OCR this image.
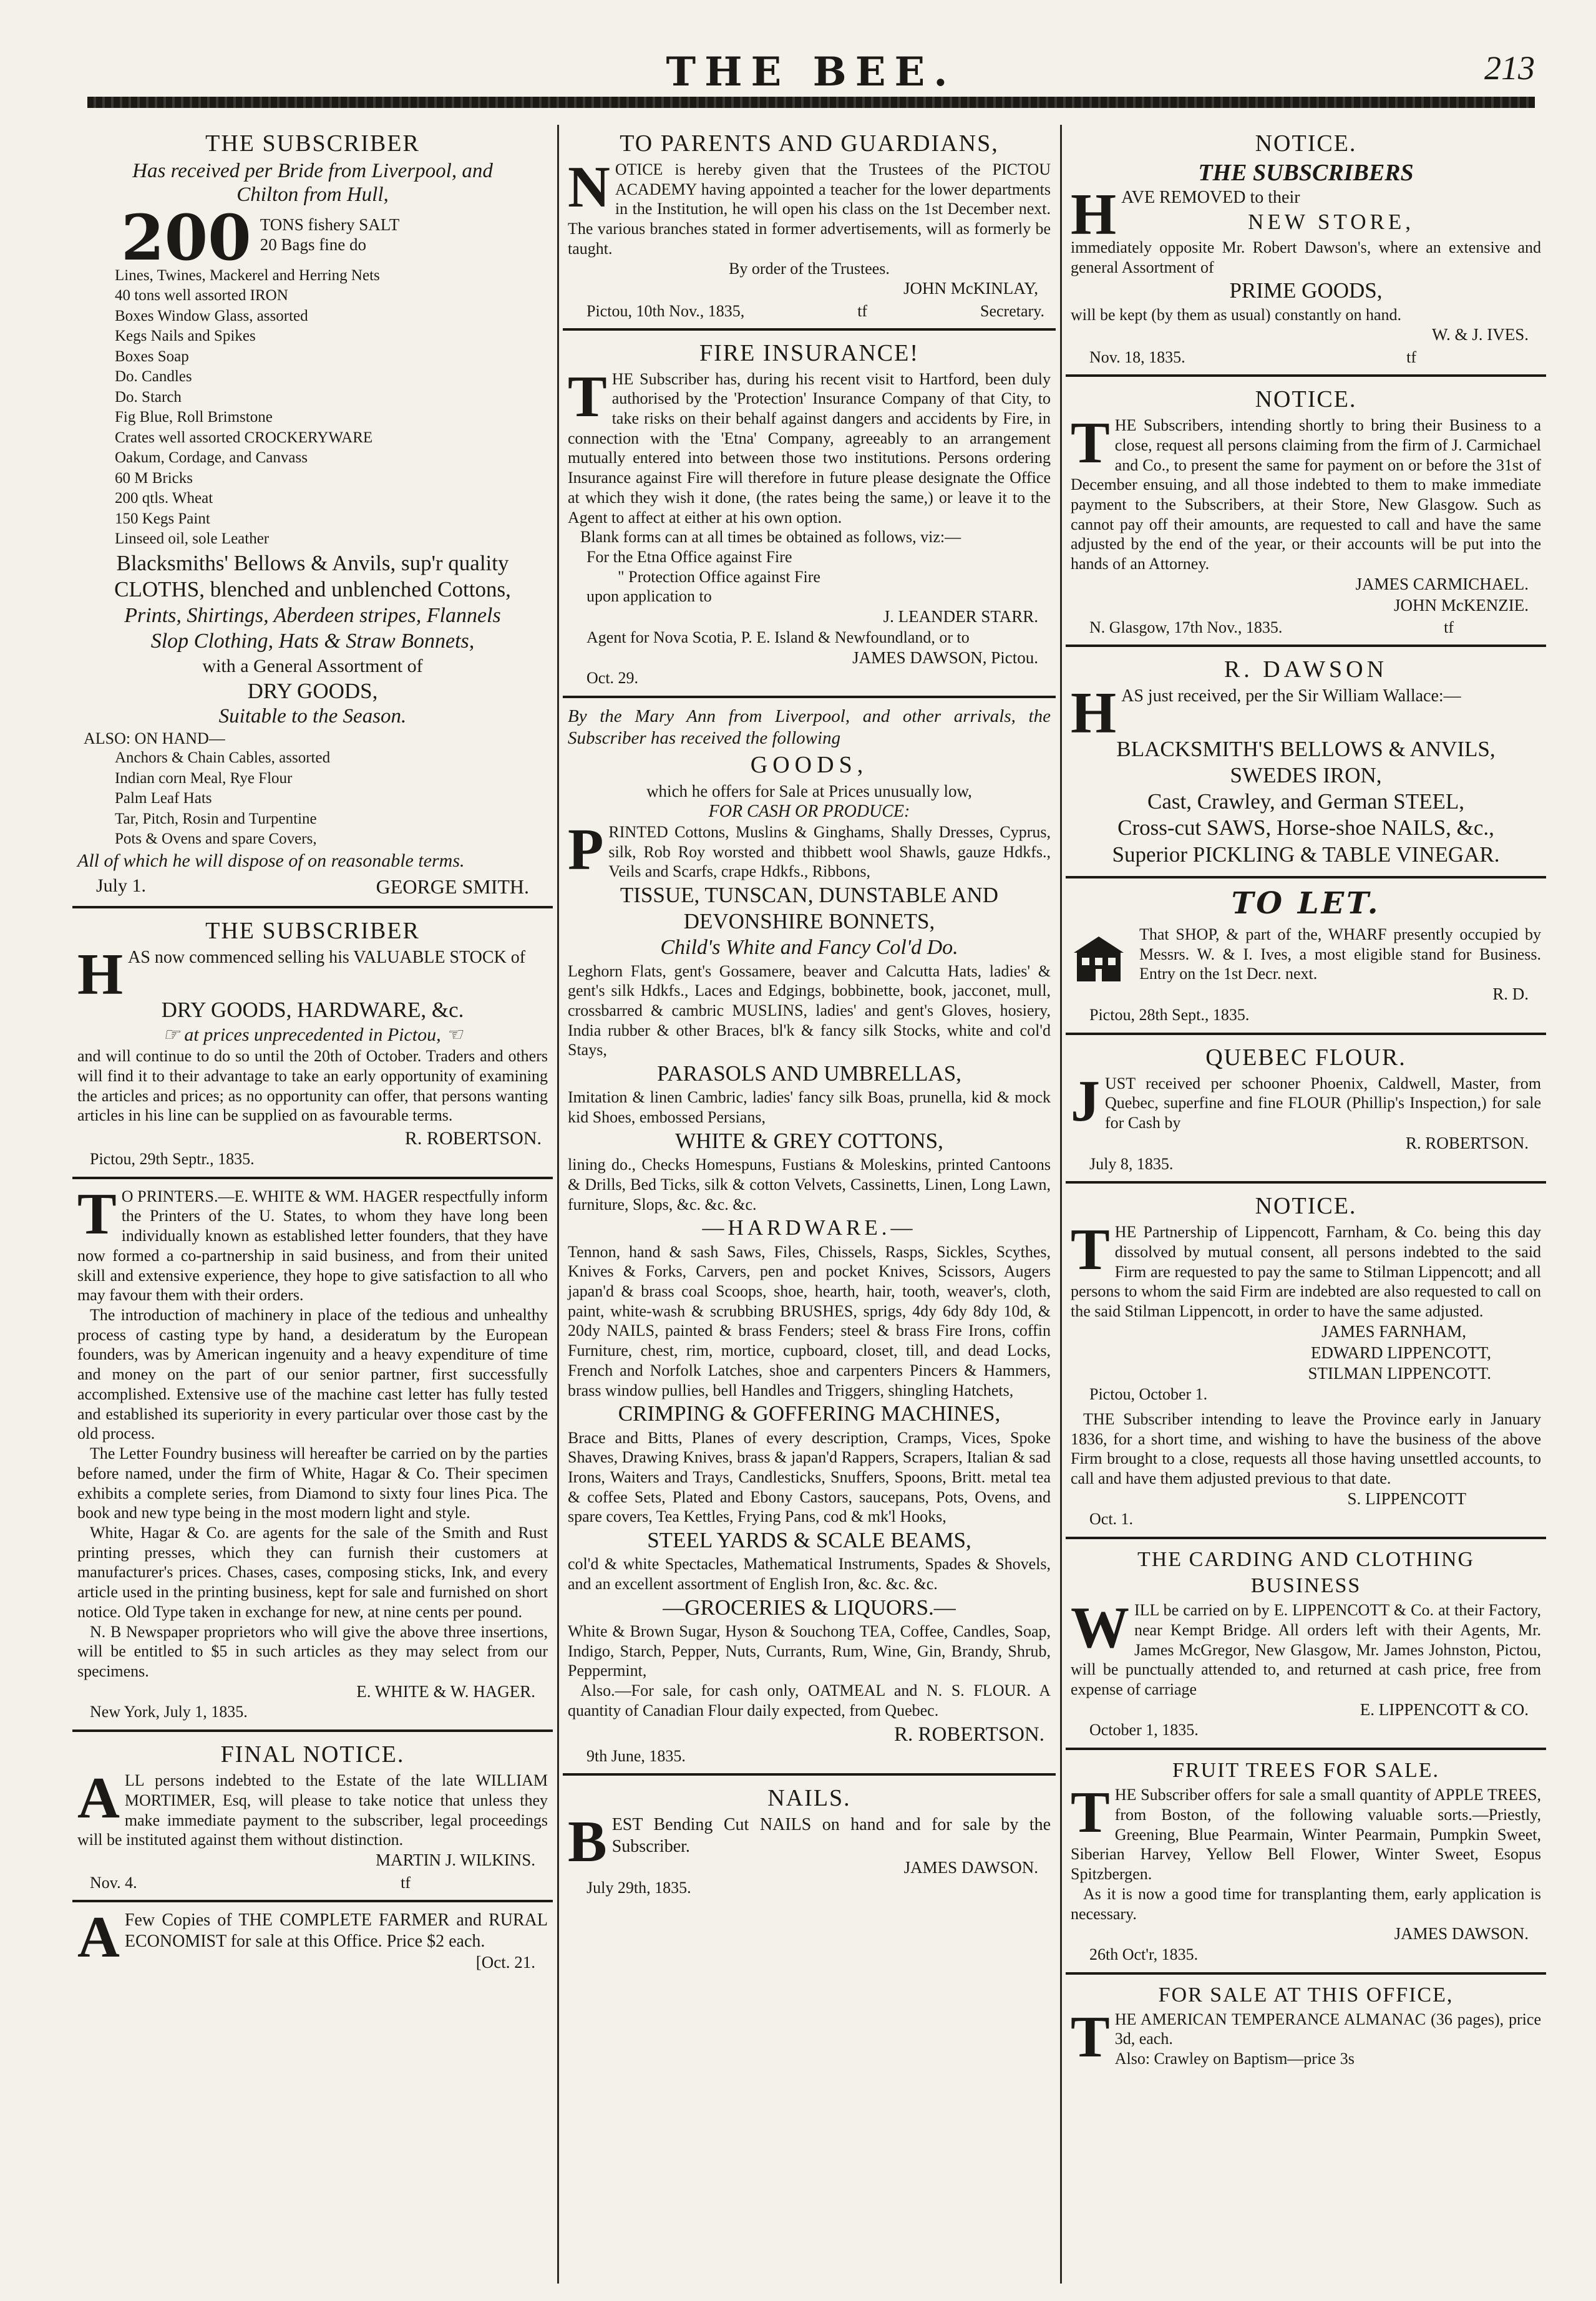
THE BEE.	213
THE SUBSCRIBER

Has received per Bride from Liverpool, and

Chilton from Hull,

200 TONS fishery SALT
20 Bags fine do

Lines, Twines, Mackerel and Herring Nets

40 tons well assorted IRON

Boxes Window Glass, assorted

Kegs Nails and Spikes

Boxes Soap

Do. Candles

Do. Starch

Fig Blue, Roll Brimstone

Crates well assorted CROCKERYWARE

Oakum, Cordage, and Canvass

60 M Bricks

200 qtls. Wheat

150 Kegs Paint

Linseed oil, sole Leather

Blacksmiths' Bellows & Anvils, sup'r quality

CLOTHS, blenched and unblenched Cottons,

Prints, Shirtings, Aberdeen stripes, Flannels

Slop Clothing, Hats & Straw Bonnets,

with a General Assortment of

DRY GOODS,

Suitable to the Season.

ALSO: ON HAND—

Anchors & Chain Cables, assorted

Indian corn Meal, Rye Flour

Palm Leaf Hats

Tar, Pitch, Rosin and Turpentine

Pots & Ovens and spare Covers,

All of which he will dispose of on reasonable terms.

July 1.	GEORGE SMITH.
THE SUBSCRIBER
H AS now commenced selling his VALUABLE STOCK of

DRY GOODS, HARDWARE, &c.

☞ at prices unprecedented in Pictou, ☜

and will continue to do so until the 20th of October. Traders and others will find it to their advantage to take an early opportunity of examining the articles and prices; as no opportunity can offer, that persons wanting articles in his line can be supplied on as favourable terms.

R. ROBERTSON.

Pictou, 29th Septr., 1835.

T O PRINTERS.—E. WHITE & WM. HAGER respectfully inform the Printers of the U. States, to whom they have long been individually known as established letter founders, that they have now formed a co-partnership in said business, and from their united skill and extensive experience, they hope to give satisfaction to all who may favour them with their orders.

The introduction of machinery in place of the tedious and unhealthy process of casting type by hand, a desideratum by the European founders, was by American ingenuity and a heavy expenditure of time and money on the part of our senior partner, first successfully accomplished. Extensive use of the machine cast letter has fully tested and established its superiority in every particular over those cast by the old process.

The Letter Foundry business will hereafter be carried on by the parties before named, under the firm of White, Hagar & Co. Their specimen exhibits a complete series, from Diamond to sixty four lines Pica. The book and new type being in the most modern light and style.

White, Hagar & Co. are agents for the sale of the Smith and Rust printing presses, which they can furnish their customers at manufacturer's prices. Chases, cases, composing sticks, Ink, and every article used in the printing business, kept for sale and furnished on short notice. Old Type taken in exchange for new, at nine cents per pound.

N. B Newspaper proprietors who will give the above three insertions, will be entitled to $5 in such articles as they may select from our specimens.

E. WHITE & W. HAGER.

New York, July 1, 1835.

FINAL NOTICE.
A LL persons indebted to the Estate of the late WILLIAM MORTIMER, Esq, will please to take notice that unless they make immediate payment to the subscriber, legal proceedings will be instituted against them without distinction.

MARTIN J. WILKINS.

Nov. 4.	tf
A Few Copies of THE COMPLETE FARMER and RURAL ECONOMIST for sale at this Office. Price $2 each.

[Oct. 21.

TO PARENTS AND GUARDIANS,
N OTICE is hereby given that the Trustees of the PICTOU ACADEMY having appointed a teacher for the lower departments in the Institution, he will open his class on the 1st December next. The various branches stated in former advertisements, will as formerly be taught.

By order of the Trustees.

JOHN McKINLAY,

Pictou, 10th Nov., 1835,	tf	Secretary.
FIRE INSURANCE!
T HE Subscriber has, during his recent visit to Hartford, been duly authorised by the 'Protection' Insurance Company of that City, to take risks on their behalf against dangers and accidents by Fire, in connection with the 'Etna' Company, agreeably to an arrangement mutually entered into between those two institutions. Persons ordering Insurance against Fire will therefore in future please designate the Office at which they wish it done, (the rates being the same,) or leave it to the Agent to affect at either at his own option.

Blank forms can at all times be obtained as follows, viz:—

For the Etna Office against Fire

" Protection Office against Fire

upon application to

J. LEANDER STARR.

Agent for Nova Scotia, P. E. Island & Newfoundland, or to

JAMES DAWSON, Pictou.

Oct. 29.

By the Mary Ann from Liverpool, and other arrivals, the Subscriber has received the following

GOODS,

which he offers for Sale at Prices unusually low,

FOR CASH OR PRODUCE:

P RINTED Cottons, Muslins & Ginghams, Shally Dresses, Cyprus, silk, Rob Roy worsted and thibbett wool Shawls, gauze Hdkfs., Veils and Scarfs, crape Hdkfs., Ribbons,

TISSUE, TUNSCAN, DUNSTABLE AND

DEVONSHIRE BONNETS,

Child's White and Fancy Col'd Do.

Leghorn Flats, gent's Gossamere, beaver and Calcutta Hats, ladies' & gent's silk Hdkfs., Laces and Edgings, bobbinette, book, jacconet, mull, crossbarred & cambric MUSLINS, ladies' and gent's Gloves, hosiery, India rubber & other Braces, bl'k & fancy silk Stocks, white and col'd Stays,

PARASOLS AND UMBRELLAS,

Imitation & linen Cambric, ladies' fancy silk Boas, prunella, kid & mock kid Shoes, embossed Persians,

WHITE & GREY COTTONS,

lining do., Checks Homespuns, Fustians & Moleskins, printed Cantoons & Drills, Bed Ticks, silk & cotton Velvets, Cassinetts, Linen, Long Lawn, furniture, Slops, &c. &c. &c.

—HARDWARE.—

Tennon, hand & sash Saws, Files, Chissels, Rasps, Sickles, Scythes, Knives & Forks, Carvers, pen and pocket Knives, Scissors, Augers japan'd & brass coal Scoops, shoe, hearth, hair, tooth, weaver's, cloth, paint, white-wash & scrubbing BRUSHES, sprigs, 4dy 6dy 8dy 10d, & 20dy NAILS, painted & brass Fenders; steel & brass Fire Irons, coffin Furniture, chest, rim, mortice, cupboard, closet, till, and dead Locks, French and Norfolk Latches, shoe and carpenters Pincers & Hammers, brass window pullies, bell Handles and Triggers, shingling Hatchets,

CRIMPING & GOFFERING MACHINES,

Brace and Bitts, Planes of every description, Cramps, Vices, Spoke Shaves, Drawing Knives, brass & japan'd Rappers, Scrapers, Italian & sad Irons, Waiters and Trays, Candlesticks, Snuffers, Spoons, Britt. metal tea & coffee Sets, Plated and Ebony Castors, saucepans, Pots, Ovens, and spare covers, Tea Kettles, Frying Pans, cod & mk'l Hooks,

STEEL YARDS & SCALE BEAMS,

col'd & white Spectacles, Mathematical Instruments, Spades & Shovels, and an excellent assortment of English Iron, &c. &c. &c.

—GROCERIES & LIQUORS.—

White & Brown Sugar, Hyson & Souchong TEA, Coffee, Candles, Soap, Indigo, Starch, Pepper, Nuts, Currants, Rum, Wine, Gin, Brandy, Shrub, Peppermint,

Also.—For sale, for cash only, OATMEAL and N. S. FLOUR. A quantity of Canadian Flour daily expected, from Quebec.

R. ROBERTSON.

9th June, 1835.

NAILS.
B EST Bending Cut NAILS on hand and for sale by the Subscriber.

JAMES DAWSON.

July 29th, 1835.

NOTICE.

THE SUBSCRIBERS

H AVE REMOVED to their

NEW STORE,

immediately opposite Mr. Robert Dawson's, where an extensive and general Assortment of

PRIME GOODS,

will be kept (by them as usual) constantly on hand.

W. & J. IVES.

Nov. 18, 1835.	tf
NOTICE.
T HE Subscribers, intending shortly to bring their Business to a close, request all persons claiming from the firm of J. Carmichael and Co., to present the same for payment on or before the 31st of December ensuing, and all those indebted to them to make immediate payment to the Subscribers, at their Store, New Glasgow. Such as cannot pay off their amounts, are requested to call and have the same adjusted by the end of the year, or their accounts will be put into the hands of an Attorney.

JAMES CARMICHAEL.

JOHN McKENZIE.

N. Glasgow, 17th Nov., 1835.	tf
R. DAWSON
H AS just received, per the Sir William Wallace:—

BLACKSMITH'S BELLOWS & ANVILS,

SWEDES IRON,

Cast, Crawley, and German STEEL,

Cross-cut SAWS, Horse-shoe NAILS, &c.,

Superior PICKLING & TABLE VINEGAR.

TO LET.

That SHOP, & part of the, WHARF presently occupied by Messrs. W. & I. Ives, a most eligible stand for Business. Entry on the 1st Decr. next.

R. D.

Pictou, 28th Sept., 1835.

QUEBEC FLOUR.
J UST received per schooner Phoenix, Caldwell, Master, from Quebec, superfine and fine FLOUR (Phillip's Inspection,) for sale for Cash by

R. ROBERTSON.

July 8, 1835.

NOTICE.
T HE Partnership of Lippencott, Farnham, & Co. being this day dissolved by mutual consent, all persons indebted to the said Firm are requested to pay the same to Stilman Lippencott; and all persons to whom the said Firm are indebted are also requested to call on the said Stilman Lippencott, in order to have the same adjusted.

JAMES FARNHAM,

EDWARD LIPPENCOTT,

STILMAN LIPPENCOTT.

Pictou, October 1.

THE Subscriber intending to leave the Province early in January 1836, for a short time, and wishing to have the business of the above Firm brought to a close, requests all those having unsettled accounts, to call and have them adjusted previous to that date.

S. LIPPENCOTT

Oct. 1.

THE CARDING AND CLOTHING
BUSINESS
W ILL be carried on by E. LIPPENCOTT & Co. at their Factory, near Kempt Bridge. All orders left with their Agents, Mr. James McGregor, New Glasgow, Mr. James Johnston, Pictou, will be punctually attended to, and returned at cash price, free from expense of carriage

E. LIPPENCOTT & CO.

October 1, 1835.

FRUIT TREES FOR SALE.
T HE Subscriber offers for sale a small quantity of APPLE TREES, from Boston, of the following valuable sorts.—Priestly, Greening, Blue Pearmain, Winter Pearmain, Pumpkin Sweet, Siberian Harvey, Yellow Bell Flower, Winter Sweet, Esopus Spitzbergen.

As it is now a good time for transplanting them, early application is necessary.

JAMES DAWSON.

26th Oct'r, 1835.

FOR SALE AT THIS OFFICE,
T HE AMERICAN TEMPERANCE ALMANAC (36 pages), price 3d, each.

Also: Crawley on Baptism—price 3s
